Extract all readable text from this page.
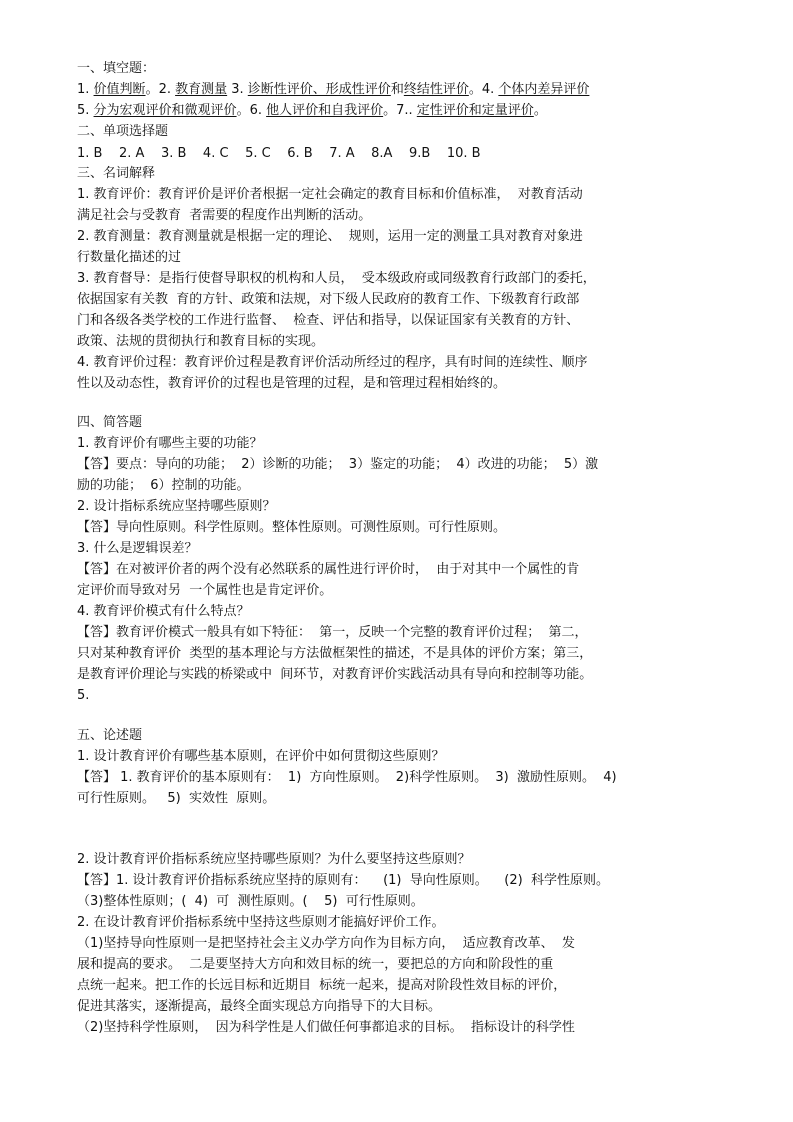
一、填空题：
1. 价值判断。2. 教育测量 3. 诊断性评价、形成性评价和终结性评价。4. 个体内差异评价
5. 分为宏观评价和微观评价。6. 他人评价和自我评价。7.. 定性评价和定量评价。
二、单项选择题
1. B    2. A    3. B    4. C    5. C    6. B    7. A    8.A    9.B    10. B
三、名词解释
1. 教育评价：教育评价是评价者根据一定社会确定的教育目标和价值标准，  对教育活动
满足社会与受教育  者需要的程度作出判断的活动。
2. 教育测量：教育测量就是根据一定的理论、  规则，运用一定的测量工具对教育对象进
行数量化描述的过
3. 教育督导：是指行使督导职权的机构和人员，  受本级政府或同级教育行政部门的委托，
依据国家有关教  育的方针、政策和法规，对下级人民政府的教育工作、下级教育行政部
门和各级各类学校的工作进行监督、  检查、评估和指导，以保证国家有关教育的方针、
政策、法规的贯彻执行和教育目标的实现。
4. 教育评价过程：教育评价过程是教育评价活动所经过的程序，具有时间的连续性、顺序
性以及动态性，教育评价的过程也是管理的过程，是和管理过程相始终的。
四、简答题
1. 教育评价有哪些主要的功能？
【答】要点：导向的功能；  2）诊断的功能；  3）鉴定的功能；  4）改进的功能；  5）激
励的功能；  6）控制的功能。
2. 设计指标系统应坚持哪些原则？
【答】导向性原则。科学性原则。整体性原则。可测性原则。可行性原则。
3. 什么是逻辑误差？
【答】在对被评价者的两个没有必然联系的属性进行评价时，  由于对其中一个属性的肯
定评价而导致对另  一个属性也是肯定评价。
4. 教育评价模式有什么特点？
【答】教育评价模式一般具有如下特征：  第一，反映一个完整的教育评价过程；  第二，
只对某种教育评价  类型的基本理论与方法做框架性的描述，不是具体的评价方案；第三，
是教育评价理论与实践的桥梁或中  间环节，对教育评价实践活动具有导向和控制等功能。
5.
五、论述题
1. 设计教育评价有哪些基本原则，在评价中如何贯彻这些原则？
【答】 1. 教育评价的基本原则有：  1)  方向性原则。  2)科学性原则。  3)  激励性原则。  4)
可行性原则。   5)  实效性  原则。
2. 设计教育评价指标系统应坚持哪些原则？为什么要坚持这些原则？
【答】1. 设计教育评价指标系统应坚持的原则有：    (1)  导向性原则。    (2)  科学性原则。
（3)整体性原则；(  4)  可  测性原则。(    5)  可行性原则。
2. 在设计教育评价指标系统中坚持这些原则才能搞好评价工作。
（1)坚持导向性原则一是把坚持社会主义办学方向作为目标方向，  适应教育改革、  发
展和提高的要求。  二是要坚持大方向和效目标的统一，要把总的方向和阶段性的重
点统一起来。把工作的长远目标和近期目  标统一起来，提高对阶段性效目标的评价，
促进其落实，逐渐提高，最终全面实现总方向指导下的大目标。
（2)坚持科学性原则，  因为科学性是人们做任何事都追求的目标。  指标设计的科学性
